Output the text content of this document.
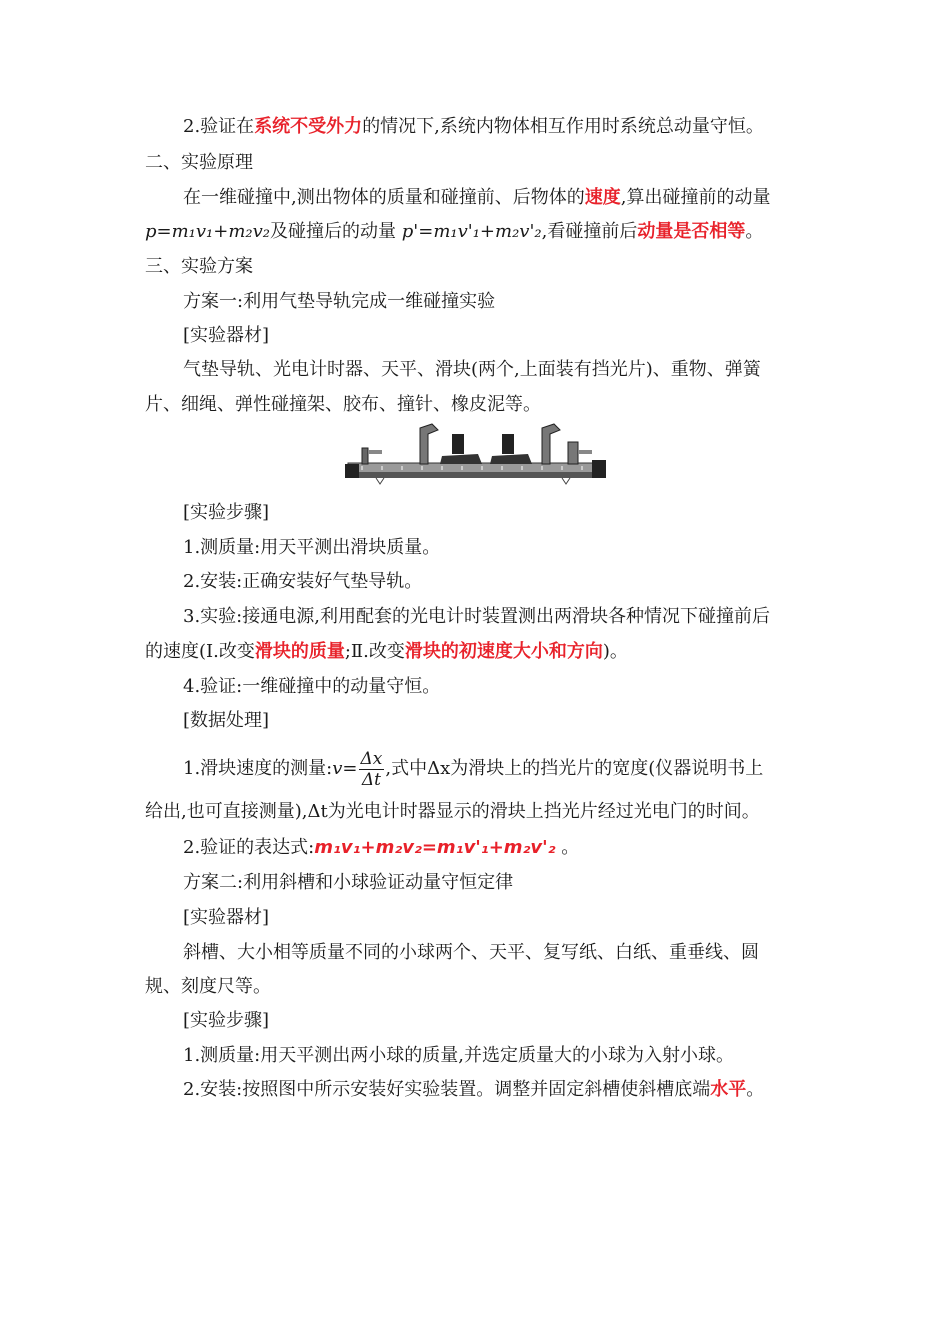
2.验证在系统不受外力的情况下,系统内物体相互作用时系统总动量守恒。
二、实验原理
在一维碰撞中,测出物体的质量和碰撞前、后物体的速度,算出碰撞前的动量
p=m₁v₁+m₂v₂及碰撞后的动量 p'=m₁v'₁+m₂v'₂,看碰撞前后动量是否相等。
三、实验方案
方案一:利用气垫导轨完成一维碰撞实验
[实验器材]
气垫导轨、光电计时器、天平、滑块(两个,上面装有挡光片)、重物、弹簧
片、细绳、弹性碰撞架、胶布、撞针、橡皮泥等。
[实验步骤]
1.测质量:用天平测出滑块质量。
2.安装:正确安装好气垫导轨。
3.实验:接通电源,利用配套的光电计时装置测出两滑块各种情况下碰撞前后
的速度(Ⅰ.改变滑块的质量;Ⅱ.改变滑块的初速度大小和方向)。
4.验证:一维碰撞中的动量守恒。
[数据处理]
1.滑块速度的测量:v= $\frac{\Delta x}{\Delta t}$ ,式中Δx为滑块上的挡光片的宽度(仪器说明书上
给出,也可直接测量),Δt为光电计时器显示的滑块上挡光片经过光电门的时间。
2.验证的表达式:m₁v₁+m₂v₂=m₁v'₁+m₂v'₂ 。
方案二:利用斜槽和小球验证动量守恒定律
[实验器材]
斜槽、大小相等质量不同的小球两个、天平、复写纸、白纸、重垂线、圆
规、刻度尺等。
[实验步骤]
1.测质量:用天平测出两小球的质量,并选定质量大的小球为入射小球。
2.安装:按照图中所示安装好实验装置。调整并固定斜槽使斜槽底端水平。
